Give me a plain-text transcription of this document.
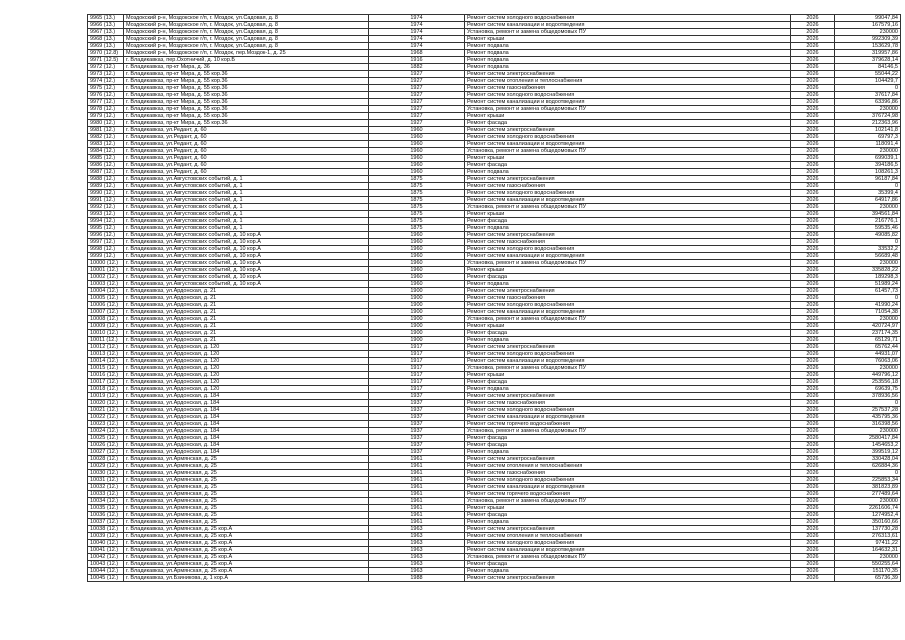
9965 (13.)	Моздокский р-н, Моздокское г/п, г. Моздок, ул.Садовая, д. 8	1974	Ремонт систем холодного водоснабжения	2026	99047,84
9966 (13.)	Моздокский р-н, Моздокское г/п, г. Моздок, ул.Садовая, д. 8	1974	Ремонт систем канализации и водоотведения	2026	167579,16
9967 (13.)	Моздокский р-н, Моздокское г/п, г. Моздок, ул.Садовая, д. 8	1974	Установка, ремонт и замена общедомовых ПУ	2026	230000
9968 (13.)	Моздокский р-н, Моздокское г/п, г. Моздок, ул.Садовая, д. 8	1974	Ремонт крыши	2026	992309,39
9969 (13.)	Моздокский р-н, Моздокское г/п, г. Моздок, ул.Садовая, д. 8	1974	Ремонт подвала	2026	153629,78
9970 (12.8)	Моздокский р-н, Моздокское г/п, г. Моздок, пер.Моздок-1, д. 25	1968	Ремонт подвала	2026	319957,86
9971 (12.5)	г. Владикавказ, пер.Охотничий, д. 10 кор.Б	1916	Ремонт подвала	2026	379628,14
9972 (12.)	г. Владикавказ, пр-кт Мира, д. 36	1882	Ремонт подвала	2026	84146,5
9973 (12.)	г. Владикавказ, пр-кт Мира, д. 55 кор.36	1927	Ремонт систем электроснабжения	2026	55044,22
9974 (12.)	г. Владикавказ, пр-кт Мира, д. 55 кор.36	1927	Ремонт систем отопления и теплоснабжения	2026	104429,7
9975 (12.)	г. Владикавказ, пр-кт Мира, д. 55 кор.36	1927	Ремонт систем газоснабжения	2026	0
9976 (12.)	г. Владикавказ, пр-кт Мира, д. 55 кор.36	1927	Ремонт систем холодного водоснабжения	2026	37617,84
9977 (12.)	г. Владикавказ, пр-кт Мира, д. 55 кор.36	1927	Ремонт систем канализации и водоотведения	2026	63396,86
9978 (12.)	г. Владикавказ, пр-кт Мира, д. 55 кор.36	1927	Установка, ремонт и замена общедомовых ПУ	2026	230000
9979 (12.)	г. Владикавказ, пр-кт Мира, д. 55 кор.36	1927	Ремонт крыши	2026	376724,98
9980 (12.)	г. Владикавказ, пр-кт Мира, д. 55 кор.36	1927	Ремонт фасада	2026	212363,96
9981 (12.)	г. Владикавказ, ул.Редант, д. 60	1960	Ремонт систем электроснабжения	2026	102141,8
9982 (12.)	г. Владикавказ, ул.Редант, д. 60	1960	Ремонт систем холодного водоснабжения	2026	69797,3
9983 (12.)	г. Владикавказ, ул.Редант, д. 60	1960	Ремонт систем канализации и водоотведения	2026	118091,4
9984 (12.)	г. Владикавказ, ул.Редант, д. 60	1960	Установка, ремонт и замена общедомовых ПУ	2026	230000
9985 (12.)	г. Владикавказ, ул.Редант, д. 60	1960	Ремонт крыши	2026	699039,1
9986 (12.)	г. Владикавказ, ул.Редант, д. 60	1960	Ремонт фасада	2026	394186,5
9987 (12.)	г. Владикавказ, ул.Редант, д. 60	1960	Ремонт подвала	2026	108261,3
9988 (12.)	г. Владикавказ, ул.Августовских событий, д. 1	1875	Ремонт систем электроснабжения	2026	96187,84
9989 (12.)	г. Владикавказ, ул.Августовских событий, д. 1	1875	Ремонт систем газоснабжения	2026	0
9990 (12.)	г. Владикавказ, ул.Августовских событий, д. 1	1875	Ремонт систем холодного водоснабжения	2026	35399,4
9991 (12.)	г. Владикавказ, ул.Августовских событий, д. 1	1875	Ремонт систем канализации и водоотведения	2026	64917,86
9992 (12.)	г. Владикавказ, ул.Августовских событий, д. 1	1875	Установка, ремонт и замена общедомовых ПУ	2026	230000
9993 (12.)	г. Владикавказ, ул.Августовских событий, д. 1	1875	Ремонт крыши	2026	394561,84
9994 (12.)	г. Владикавказ, ул.Августовских событий, д. 1	1875	Ремонт фасада	2026	216776,1
9995 (12.)	г. Владикавказ, ул.Августовских событий, д. 1	1875	Ремонт подвала	2026	59535,46
9996 (12.)	г. Владикавказ, ул.Августовских событий, д. 10 кор.А	1960	Ремонт систем электроснабжения	2026	49085,82
9997 (12.)	г. Владикавказ, ул.Августовских событий, д. 10 кор.А	1960	Ремонт систем газоснабжения	2026	0
9998 (12.)	г. Владикавказ, ул.Августовских событий, д. 10 кор.А	1960	Ремонт систем холодного водоснабжения	2026	33532,2
9999 (12.)	г. Владикавказ, ул.Августовских событий, д. 10 кор.А	1960	Ремонт систем канализации и водоотведения	2026	56689,48
10000 (12.)	г. Владикавказ, ул.Августовских событий, д. 10 кор.А	1960	Установка, ремонт и замена общедомовых ПУ	2026	230000
10001 (12.)	г. Владикавказ, ул.Августовских событий, д. 10 кор.А	1960	Ремонт крыши	2026	335828,22
10002 (12.)	г. Владикавказ, ул.Августовских событий, д. 10 кор.А	1960	Ремонт фасада	2026	189298,3
10003 (12.)	г. Владикавказ, ул.Августовских событий, д. 10 кор.А	1960	Ремонт подвала	2026	51989,24
10004 (12.)	г. Владикавказ, ул.Ардонская, д. 21	1900	Ремонт систем электроснабжения	2026	61457,73
10005 (12.)	г. Владикавказ, ул.Ардонская, д. 21	1900	Ремонт систем газоснабжения	2026	0
10006 (12.)	г. Владикавказ, ул.Ардонская, д. 21	1900	Ремонт систем холодного водоснабжения	2026	41990,24
10007 (12.)	г. Владикавказ, ул.Ардонская, д. 21	1900	Ремонт систем канализации и водоотведения	2026	71054,38
10008 (12.)	г. Владикавказ, ул.Ардонская, д. 21	1900	Установка, ремонт и замена общедомовых ПУ	2026	230000
10009 (12.)	г. Владикавказ, ул.Ардонская, д. 21	1900	Ремонт крыши	2026	420724,97
10010 (12.)	г. Владикавказ, ул.Ардонская, д. 21	1900	Ремонт фасада	2026	237174,35
10011 (12.)	г. Владикавказ, ул.Ардонская, д. 21	1900	Ремонт подвала	2026	65129,71
10012 (12.)	г. Владикавказ, ул.Ардонская, д. 120	1917	Ремонт систем электроснабжения	2026	65762,44
10013 (12.)	г. Владикавказ, ул.Ардонская, д. 120	1917	Ремонт систем холодного водоснабжения	2026	44931,07
10014 (12.)	г. Владикавказ, ул.Ардонская, д. 120	1917	Ремонт систем канализации и водоотведения	2026	76063,06
10015 (12.)	г. Владикавказ, ул.Ардонская, д. 120	1917	Установка, ремонт и замена общедомовых ПУ	2026	230000
10016 (12.)	г. Владикавказ, ул.Ардонская, д. 120	1917	Ремонт крыши	2026	449796,12
10017 (12.)	г. Владикавказ, ул.Ардонская, д. 120	1917	Ремонт фасада	2026	253556,18
10018 (12.)	г. Владикавказ, ул.Ардонская, д. 120	1917	Ремонт подвала	2026	69639,75
10019 (12.)	г. Владикавказ, ул.Ардонская, д. 184	1937	Ремонт систем электроснабжения	2026	378936,56
10020 (12.)	г. Владикавказ, ул.Ардонская, д. 184	1937	Ремонт систем газоснабжения	2026	0
10021 (12.)	г. Владикавказ, ул.Ардонская, д. 184	1937	Ремонт систем холодного водоснабжения	2026	257537,28
10022 (12.)	г. Владикавказ, ул.Ардонская, д. 184	1937	Ремонт систем канализации и водоотведения	2026	435795,36
10023 (12.)	г. Владикавказ, ул.Ардонская, д. 184	1937	Ремонт систем горячего водоснабжения	2026	316398,56
10024 (12.)	г. Владикавказ, ул.Ардонская, д. 184	1937	Установка, ремонт и замена общедомовых ПУ	2026	230000
10025 (12.)	г. Владикавказ, ул.Ардонская, д. 184	1937	Ремонт фасада	2026	2580417,84
10026 (12.)	г. Владикавказ, ул.Ардонская, д. 184	1937	Ремонт фасада	2026	1454653,2
10027 (12.)	г. Владикавказ, ул.Ардонская, д. 184	1937	Ремонт подвала	2026	399519,12
10028 (12.)	г. Владикавказ, ул.Армянская, д. 25	1961	Ремонт систем электроснабжения	2026	330428,04
10029 (12.)	г. Владикавказ, ул.Армянская, д. 25	1961	Ремонт систем отопления и теплоснабжения	2026	626884,36
10030 (12.)	г. Владикавказ, ул.Армянская, д. 25	1961	Ремонт систем газоснабжения	2026	0
10031 (12.)	г. Владикавказ, ул.Армянская, д. 25	1961	Ремонт систем холодного водоснабжения	2026	225853,34
10032 (12.)	г. Владикавказ, ул.Армянская, д. 25	1961	Ремонт систем канализации и водоотведения	2026	381823,89
10033 (12.)	г. Владикавказ, ул.Армянская, д. 25	1961	Ремонт систем горячего водоснабжения	2026	277489,64
10034 (12.)	г. Владикавказ, ул.Армянская, д. 25	1961	Установка, ремонт и замена общедомовых ПУ	2026	230000
10035 (12.)	г. Владикавказ, ул.Армянская, д. 25	1961	Ремонт крыши	2026	2261606,74
10036 (12.)	г. Владикавказ, ул.Армянская, д. 25	1961	Ремонт фасада	2026	1274952,4
10037 (12.)	г. Владикавказ, ул.Армянская, д. 25	1961	Ремонт подвала	2026	350160,66
10038 (12.)	г. Владикавказ, ул.Армянская, д. 25 кор.А	1963	Ремонт систем электроснабжения	2026	137730,28
10039 (12.)	г. Владикавказ, ул.Армянская, д. 25 кор.А	1963	Ремонт систем отопления и теплоснабжения	2026	276313,61
10040 (12.)	г. Владикавказ, ул.Армянская, д. 25 кор.А	1963	Ремонт систем холодного водоснабжения	2026	97411,22
10041 (12.)	г. Владикавказ, ул.Армянская, д. 25 кор.А	1963	Ремонт систем канализации и водоотведения	2026	164632,31
10042 (12.)	г. Владикавказ, ул.Армянская, д. 25 кор.А	1963	Установка, ремонт и замена общедомовых ПУ	2026	230000
10043 (12.)	г. Владикавказ, ул.Армянская, д. 25 кор.А	1963	Ремонт фасада	2026	550255,64
10044 (12.)	г. Владикавказ, ул.Армянская, д. 25 кор.А	1963	Ремонт подвала	2026	151170,35
10045 (12.)	г. Владикавказ, ул.Бзиникова, д. 1 кор.А	1988	Ремонт систем электроснабжения	2026	65736,39
